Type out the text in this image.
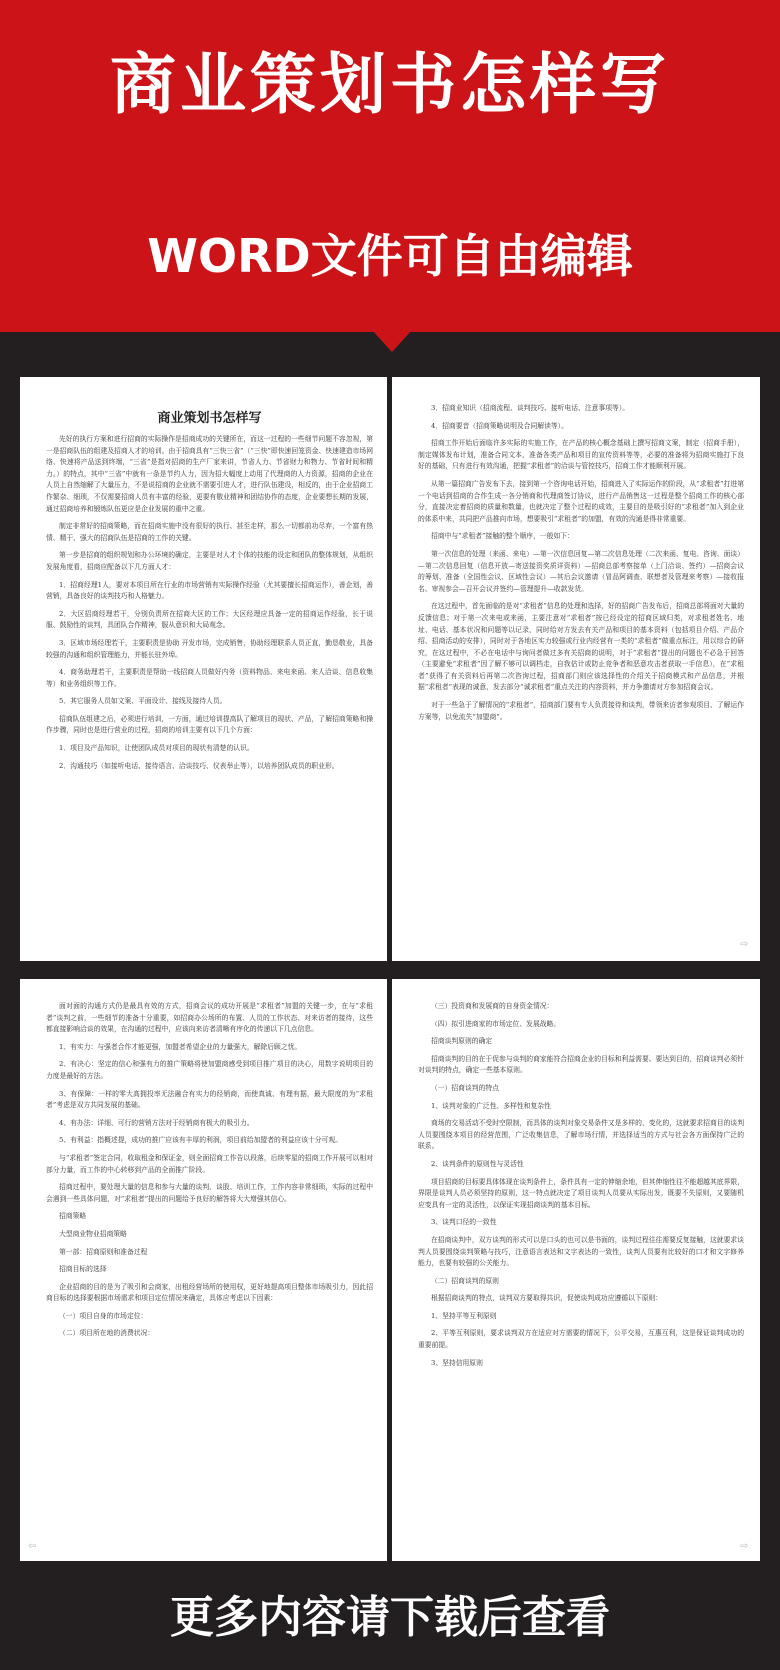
商业策划书怎样写
WORD文件可自由编辑
商业策划书怎样写
先好的执行方案和进行招商的实际操作是招商成功的关键所在，而这一过程的一些细节问题不容忽视，第一是招商队伍的组建及招商人才的培训。由于招商具有“三快三省”（“三快”即快速回笼资金、快速建造市场网络、快速将产品送到终端，“三省”是指对招商的生产厂家来讲，节省人力、节省财力和物力、节省时间和精力。）的特点，其中“三省”中就有一条是节约人力，因为招大幅度上动用了代理商的人力资源，招商的企业在人员上自然缩解了大量压力，不是说招商的企业就不需要引进人才，进行队伍建设，相反的，由于企业招商工作繁杂、细琐，不仅需要招商人员有丰富的经验，更要有敬业精神和团结协作的态度，企业要想长期的发展，通过招商培养和锻炼队伍更应是企业发展的重中之重。
制定非常好的招商策略，而在招商实施中没有很好的执行、甚至走样，那么一切都前功尽弃，一个富有热情、精干、强大的招商队伍是招商的工作的关键。
第一步是招商的组织规划和办公环境的确定，主要是对人才个体的技能的设定和团队的整体规划，从组织发展角度看，招商应配备以下几方面人才：
1．招商经理1人，要对本项目所在行业的市场营销有实际操作经验（尤其要擅长招商运作），善企划，善营销，具备良好的谈判技巧和人格魅力。
2．大区招商经理若干，分别负责所在招商大区的工作；大区经理应具备一定的招商运作经验，长于说服、鼓励性的谈判，具团队合作精神，服从意识和大局观念。
3．区域市场经理若干，主要职责是协助 开发市场，完成销售，协助经理联系人员正直，勤恳敬业，具备较强的沟通和组织管理能力，并能长驻外埠。
4．商务助理若干，主要职责是帮助一线招商人员做好内务（资料物品、来电来函、来人洽谈、信息收集等）和业务组织等工作。
5．其它服务人员如文案、平面设计、接线及接待人员。
招商队伍组建之后，必须进行培训，一方面，通过培训提高队了解项目的现状、产品，了解招商策略和操作步骤，同时也是进行营业的过程，招商的培训主要有以下几个方面：
1．项目及产品知识，让使团队成员对项目的现状有清楚的认识。
2．沟通技巧（如接听电话、接待语言、洽谈技巧、仪表举止等），以培养团队成员的职业形。
3．招商业知识（招商流程、谈判技巧、接听电话、注意事项等）。
4．招商要音（招商策略说明及合同解读等）。
招商工作开始后面临许多实际的实施工作，在产品的核心概念基础上撰写招商文案，制定（招商手册），制定媒体发布计划，准备合同文本，准备各类产品和项目的宣传资料等等，必要的准备将为招商实施打下良好的基础，只有进行有效沟通，把握“求租者”的洽谈与管控技巧，招商工作才能顺利开展。
从第一篇招商广告发布下去，接到第一个咨询电话开始，招商进入了实际运作的阶段，从“求租者”打进第一个电话到招商的合作生成一各分销商和代理商签订协议，进行产品销售这一过程是整个招商工作的核心部分，直接决定着招商的质量和数量，也就决定了整个过程的成效，主要目的是吸引好的“求租者”加入到企业的体系中来，共同把产品推向市场，想要吸引“求租者”的加盟，有效的沟通是得非常重要。
招商中与“求租者”接触的整个顺序，一般如下：
第一次信息的处理（来函、来电）—第一次信息回复—第二次信息处理（二次来函、复电、咨询、面谈）—第二次信息回复（信息开放—寄送接资奖质详资料）—招商总部考察接单（上门洽谈、签约）—招商会议的筹划、准备（全国性会议、区域性会议）—其后会议邀请（冒品阿调查、联想者及管理来考察）—接收报名、审视参会—召开会议并签约—管理提升—收款发货。
在这过程中，首先面临的是对“求租者”信息的处理和选择，好的招商广告发布后，招商总部将面对大量的反馈信息；对于第一次来电或来函，主要注意对“求租者”按已经设定的招商区域归类，对求租者姓名、地址、电话、基本状况和问题等以记录，同时给对方发去有关产品和项目的基本资料（包括项目介绍、产品介绍、招商活动的安排），同时对于各地区实力较强或行业内经营有一类的“求租者”做重点标注，用以综合的研究，在这过程中，不必在电话中与询问者做过多有关招商的说明，对于“求租者”提出的问题也不必急于回答（主要避免“求租者”因了解不够可以调档走，自我估计或防止竞争者和恶意攻击者获取一手信息），在“求租者”获得了有关资料后再第二次咨询过程，招商部门则应该选择性的介绍关于招商模式和产品信息，并根据“求租者”表现的诚意，发去部分“诚求租者”重点关注的内容资料，并力争邀请对方参加招商会议。
对于一些急于了解情况的“求租者”，招商部门要有专人负责接待和谈判，带领来访者参观项目、了解运作方案等，以免流失“加盟商”。
⇨
面对面的沟通方式仍是最具有效的方式，招商会议的成功开展是“求租者”加盟的关键一步，在与“求租者”谈判之前，一些细节的准备十分重要，如招商办公场所的布置、人员的工作状态、对来访者的接待，这些都直接影响洽谈的效果，在沟通的过程中，应该向来访者清晰有序化的传递以下几点信息。
1、有实力：与强者合作才能更强，加盟者希望企业的力量强大，解除后顾之忧。
2、有决心：坚定的信心和强有力的推广策略将使加盟商感受到项目推广项目的决心，用数字说明项目的力度是最好的方法。
3、有保障：一样的零大高拥投率无法融合有实力的经销商，而使真诚、有理有据，最大限度的为“求租者”考虑是双方共同发展的基础。
4、有办法：详细、可行的营销方法对于经销商有极大的吸引力。
5、有利益：指概述提，成功的推广应该有丰厚的利润，项目前给加盟者的利益应该十分可观。
与“求租者”签定合同，收取租金和保证金，则全面招商工作告以段落，后续零星的招商工作开展可以相对部分力量，而工作的中心转移到产品的全面推广阶段。
招商过程中，要处理大量的信息和参与大量的谈判、谈股、培训工作，工作内容非常细琐，实际的过程中会遇到一些具体问题，对“求租者”提出的问题给予良好的解答将大大增强其信心。
招商策略
大型商业物业招商策略
第一部：招商原则和准备过程
招商目标的选择
企业招商的目的是为了吸引和会商家，出租经营场所的使用权，更好地提高项目整体市场吸引力，因此招商目标的选择要根据市场需求和项目定位情况来确定，具体应考虑以下因素：
（一）项目自身的市场定位：
（二）项目所在地的消费状况：
⇦
（三）投资商和发展商的自身资金情况：
（四）拟引进商家的市场定位、发展战略。
招商谈判原则的确定
招商谈判的目的在于促参与谈判的商家能符合招商企业的目标和利益需要。要达到目的，招商谈判必须针对谈判的特点，确定一些基本原则。
（一）招商谈判的特点
1、谈判对象的广泛性、多样性和复杂性
商场的交易活动不受时空限制，而具体的谈判对象交易条件又是多样的、变化的，这就要求招商目的谈判人员要围绕本项目的经营范围，广泛收集信息，了解市场行情，并选择适当的方式与社会各方面保持广泛的联系。
2、谈判条件的原则性与灵活性
项目招商的目标要具体体现在谈判条件上，条件具有一定的伸缩余地，但其伸缩性往不能超越其底界限，界限是谈判人员必须坚持的原则，这一特点就决定了项目谈判人员要从实际出发，既要不失原则，又要随机应变具有一定的灵活性，以保证实现招商谈判的基本目标。
3、谈判口径的一致性
在招商谈判中，双方谈判的形式可以是口头的也可以是书面的，谈判过程往往需要反复接触，这就要求谈判人员要围绕谈判策略与技巧，注意语言表达和文字表达的一致性，谈判人员要有比较好的口才和文字修养能力，也要有较强的公关能力。
（二）招商谈判的原则
根据招商谈判的特点，谈判双方要取得共识，促使谈判成功应遵循以下原则：
1、坚持平等互利原则
2、平等互利原则，要求谈判双方在适应对方需要的情况下，公平交易，互惠互利，这是保证谈判成功的重要前提。
3、坚持信用原则
⇨
更多内容请下载后查看
